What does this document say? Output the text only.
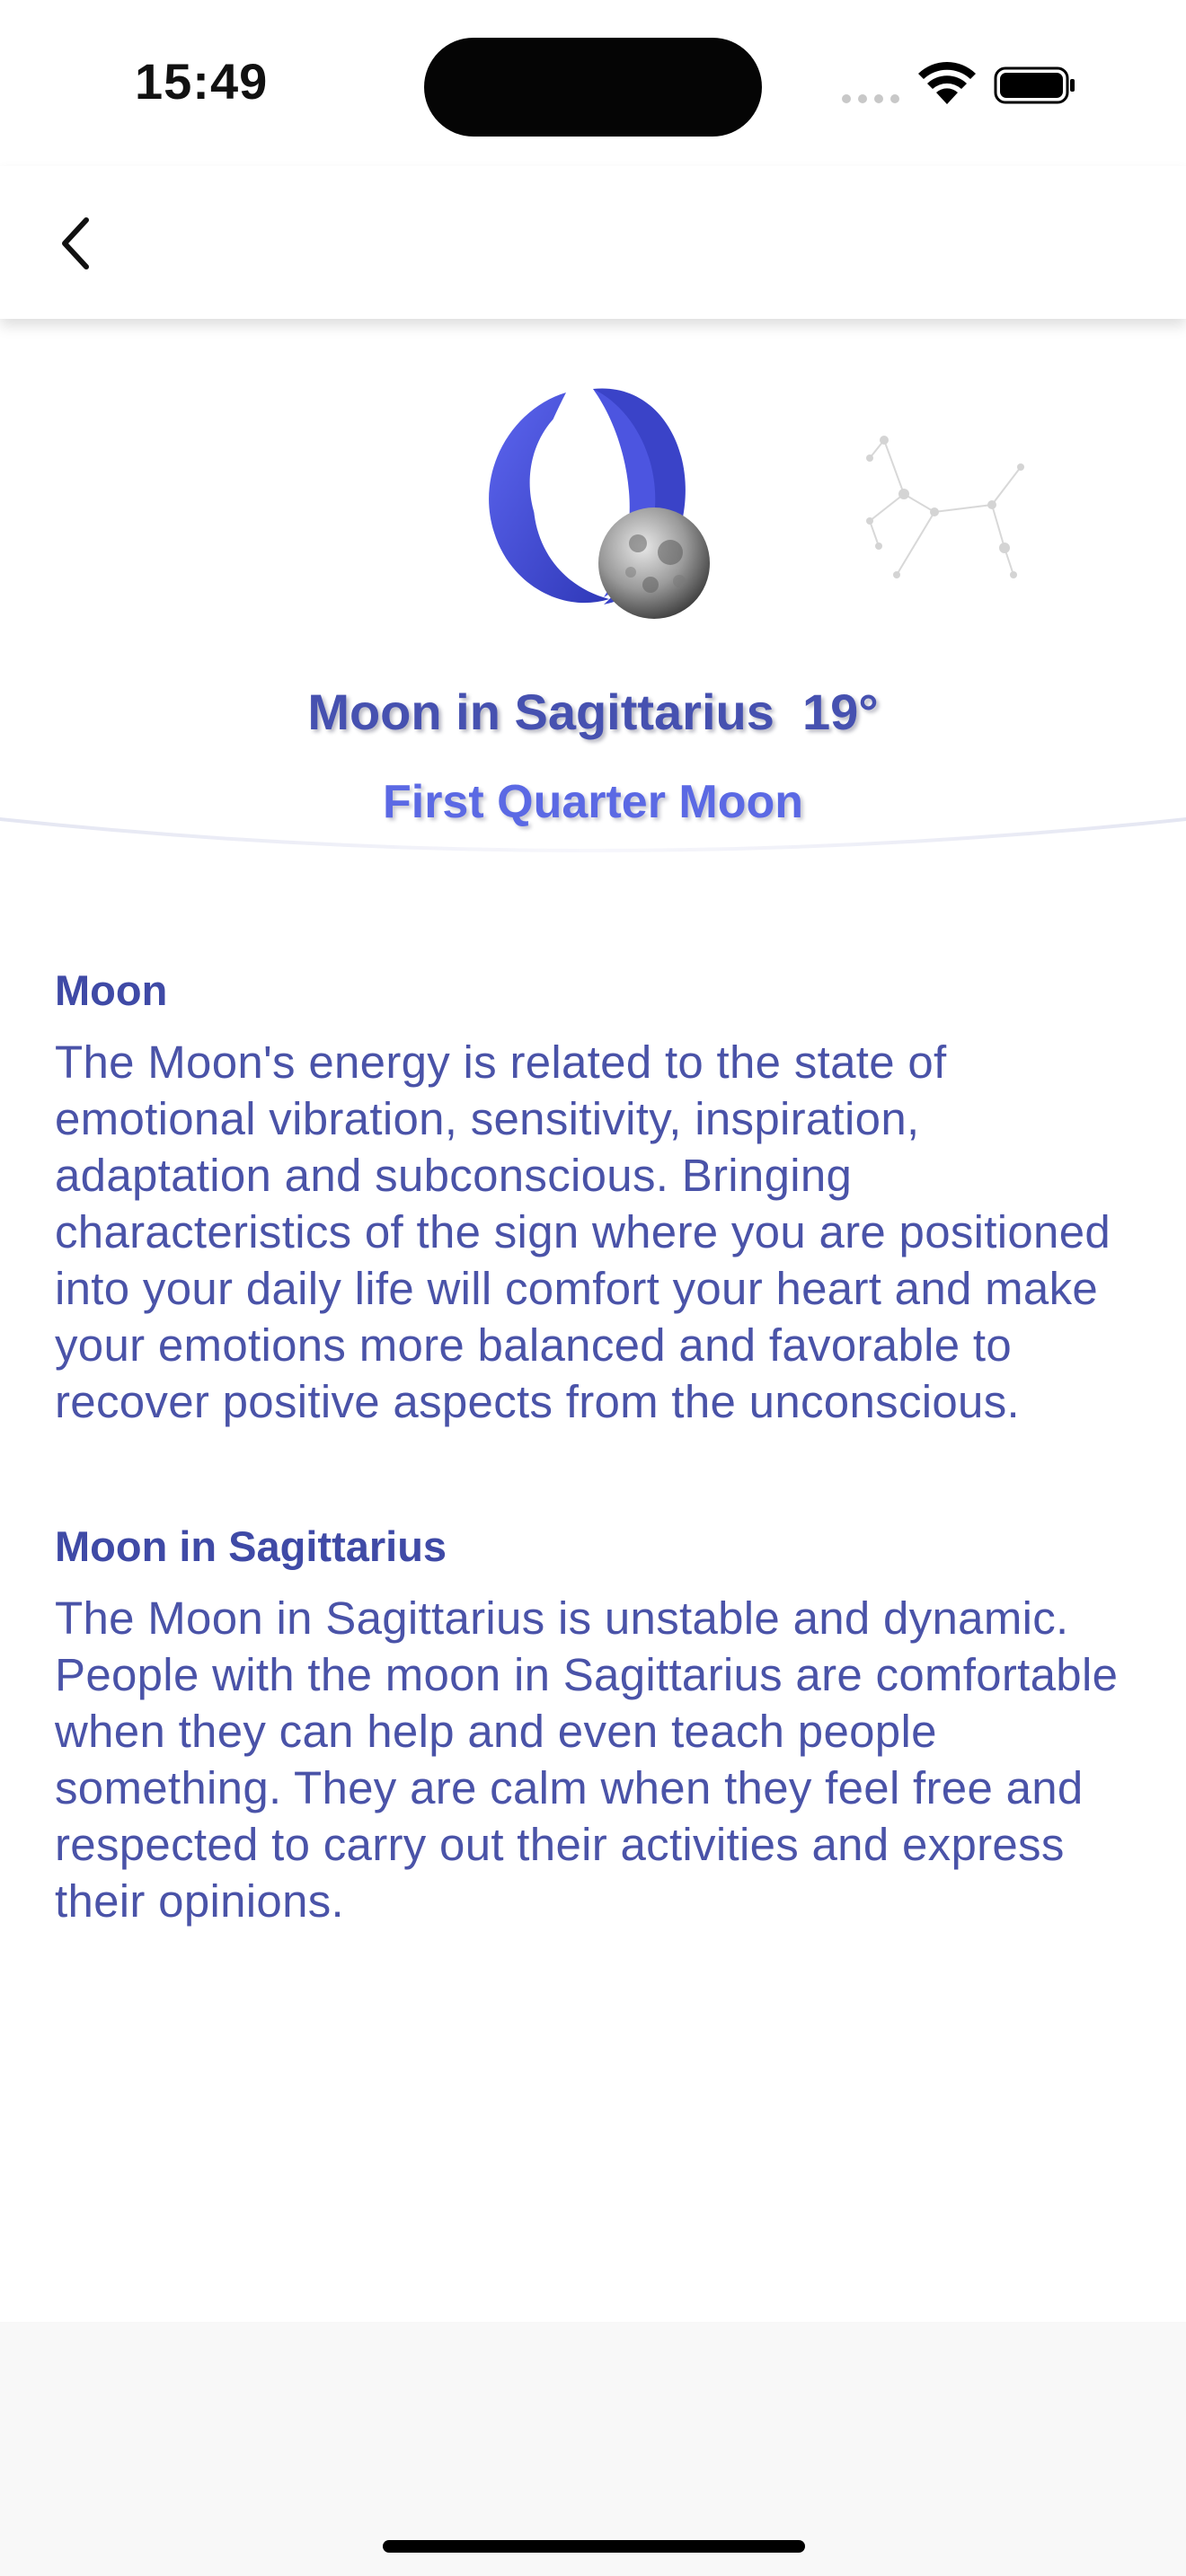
15:49
Moon in Sagittarius  19°
First Quarter Moon
Moon

The Moon's energy is related to the state of emotional vibration, sensitivity, inspiration, adaptation and subconscious. Bringing characteristics of the sign where you are positioned into your daily life will comfort your heart and make your emotions more balanced and favorable to recover positive aspects from the unconscious.

Moon in Sagittarius

The Moon in Sagittarius is unstable and dynamic. People with the moon in Sagittarius are comfortable when they can help and even teach people something. They are calm when they feel free and respected to carry out their activities and express their opinions.
